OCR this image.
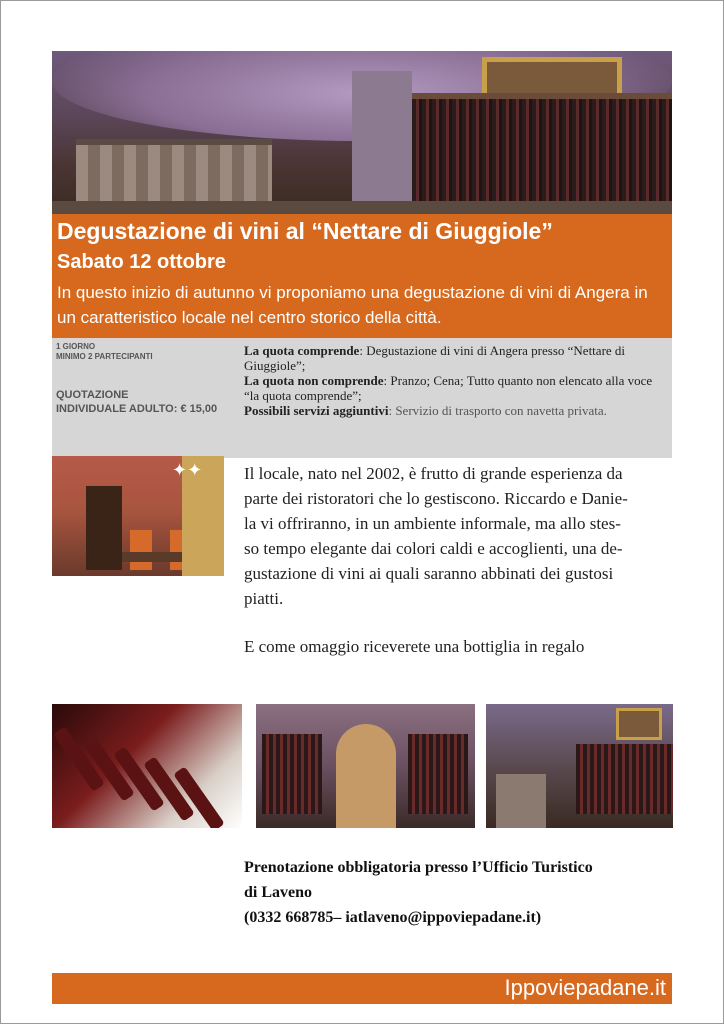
Degustazione di vini al “Nettare di Giuggiole”
Sabato 12 ottobre
In questo inizio di autunno vi proponiamo una degustazione di vini di Angera in un caratteristico locale nel centro storico della città.
1 GIORNO
MINIMO 2 PARTECIPANTI
QUOTAZIONE
INDIVIDUALE ADULTO: € 15,00
La quota comprende: Degustazione di vini di Angera presso “Nettare di Giuggiole”;
La quota non comprende: Pranzo; Cena; Tutto quanto non elencato alla voce “la quota comprende”;
Possibili servizi aggiuntivi: Servizio di trasporto con navetta privata.
✦✦ Il locale, nato nel 2002, è frutto di grande esperienza da
parte dei ristoratori che lo gestiscono. Riccardo e Danie-
la vi offriranno, in un ambiente informale, ma allo stes-
so tempo elegante dai colori caldi e accoglienti, una de-
gustazione di vini ai quali saranno abbinati dei gustosi
piatti.
E come omaggio riceverete una bottiglia in regalo
Prenotazione obbligatoria presso l’Ufficio Turistico
di Laveno
(0332 668785– iatlaveno@ippoviepadane.it)
Ippoviepadane.it
